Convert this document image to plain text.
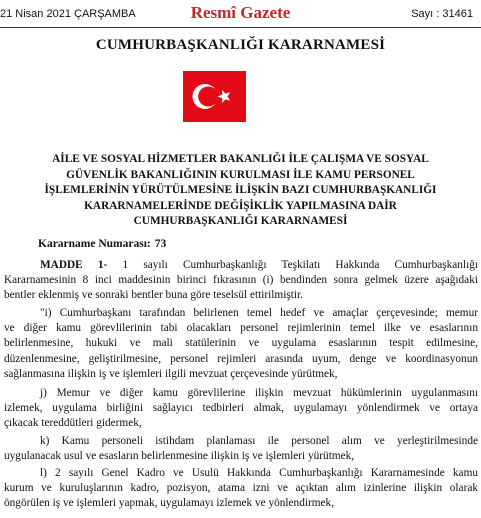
21 Nisan 2021 ÇARŞAMBA	Resmî Gazete	Sayı : 31461
CUMHURBAŞKANLIĞI KARARNAMESİ
AİLE VE SOSYAL HİZMETLER BAKANLIĞI İLE ÇALIŞMA VE SOSYAL
GÜVENLİK BAKANLIĞININ KURULMASI İLE KAMU PERSONEL
İŞLEMLERİNİN YÜRÜTÜLMESİNE İLİŞKİN BAZI CUMHURBAŞKANLIĞI
KARARNAMELERİNDE DEĞİŞİKLİK YAPILMASINA DAİR
CUMHURBAŞKANLIĞI KARARNAMESİ
Kararname Numarası: 73
MADDE 1- 1 sayılı Cumhurbaşkanlığı Teşkilatı Hakkında Cumhurbaşkanlığı
Kararnamesinin 8 inci maddesinin birinci fıkrasının (i) bendinden sonra gelmek üzere aşağıdaki
bentler eklenmiş ve sonraki bentler buna göre teselsül ettirilmiştir.
"i) Cumhurbaşkanı tarafından belirlenen temel hedef ve amaçlar çerçevesinde; memur
ve diğer kamu görevlilerinin tabi olacakları personel rejimlerinin temel ilke ve esaslarının
belirlenmesine, hukuki ve mali statülerinin ve uygulama esaslarının tespit edilmesine,
düzenlenmesine, geliştirilmesine, personel rejimleri arasında uyum, denge ve koordinasyonun
sağlanmasına ilişkin iş ve işlemleri ilgili mevzuat çerçevesinde yürütmek,
j) Memur ve diğer kamu görevlilerine ilişkin mevzuat hükümlerinin uygulanmasını
izlemek, uygulama birliğini sağlayıcı tedbirleri almak, uygulamayı yönlendirmek ve ortaya
çıkacak tereddütleri gidermek,
k) Kamu personeli istihdam planlaması ile personel alım ve yerleştirilmesinde
uygulanacak usul ve esasların belirlenmesine ilişkin iş ve işlemleri yürütmek,
l) 2 sayılı Genel Kadro ve Usulü Hakkında Cumhurbaşkanlığı Kararnamesinde kamu
kurum ve kuruluşlarının kadro, pozisyon, atama izni ve açıktan alım izinlerine ilişkin olarak
öngörülen iş ve işlemleri yapmak, uygulamayı izlemek ve yönlendirmek,
